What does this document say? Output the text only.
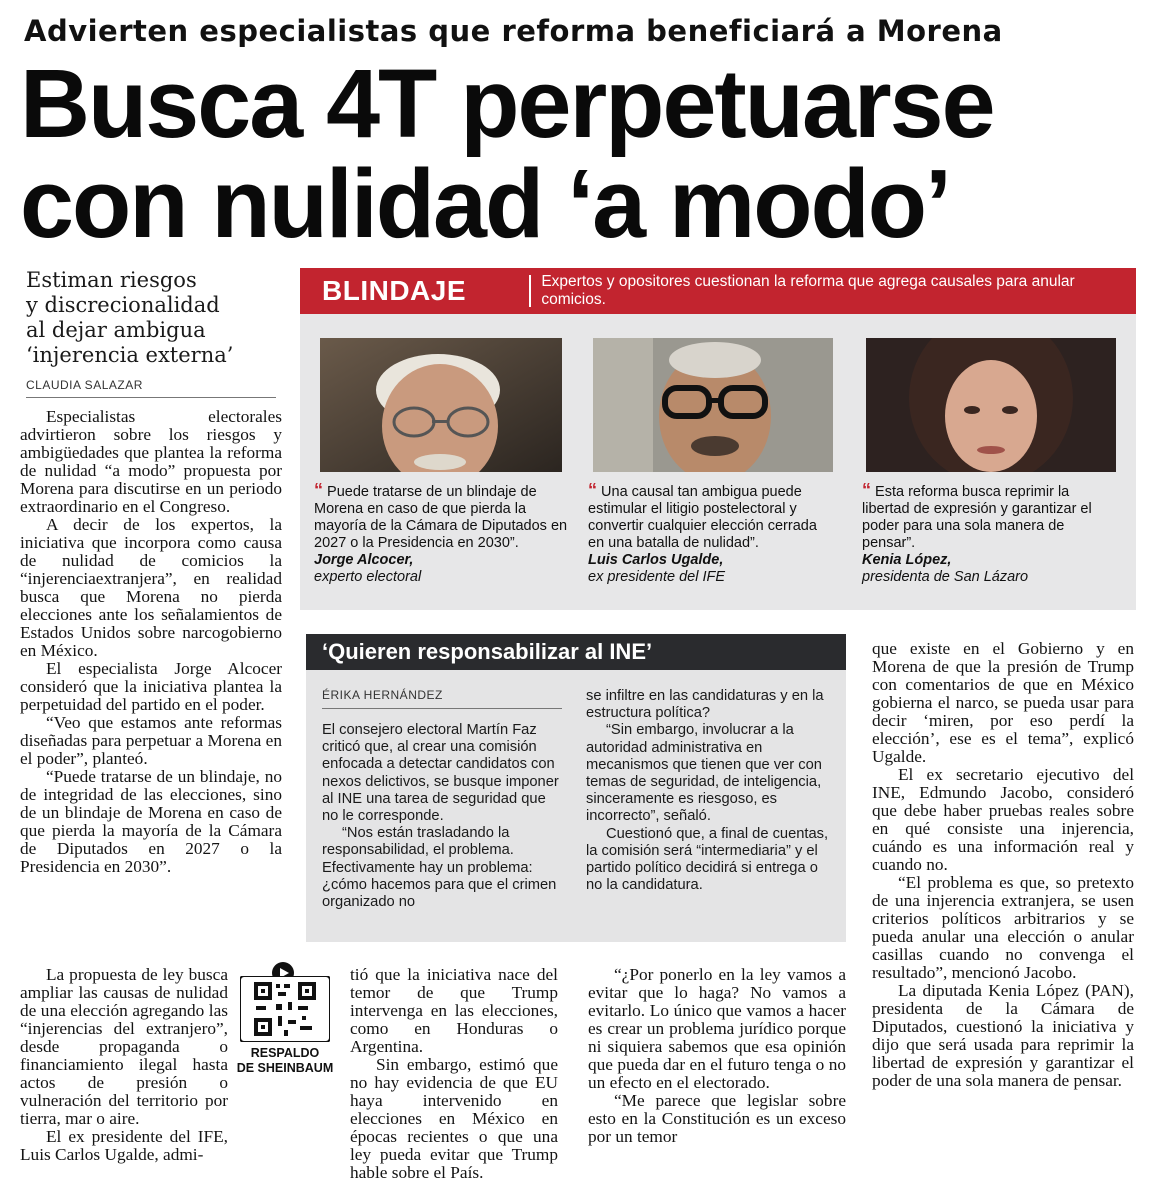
Advierten especialistas que reforma beneficiará a Morena
Busca 4T perpetuarse
con nulidad ‘a modo’
Estiman riesgos
y discrecionalidad
al dejar ambigua
‘injerencia externa’
CLAUDIA SALAZAR

Especialistas electorales advirtieron sobre los riesgos y ambigüedades que plantea la reforma de nulidad “a modo” propuesta por Morena para discutirse en un periodo extraordinario en el Congreso.

A decir de los expertos, la iniciativa que incorpora como causa de nulidad de comicios la “injerenciaextranjera”, en realidad busca que Morena no pierda elecciones ante los señalamientos de Estados Unidos sobre narcogobierno en México.

El especialista Jorge Alcocer consideró que la iniciativa plantea la perpetuidad del partido en el poder.

“Veo que estamos ante reformas diseñadas para perpetuar a Morena en el poder”, planteó.

“Puede tratarse de un blindaje, no de integridad de las elecciones, sino de un blindaje de Morena en caso de que pierda la mayoría de la Cámara de Diputados en 2027 o la Presidencia en 2030”.

La propuesta de ley busca ampliar las causas de nulidad de una elección agregando las “injerencias del extranjero”, desde propaganda o financiamiento ilegal hasta actos de presión o vulneración del territorio por tierra, mar o aire.

El ex presidente del IFE, Luis Carlos Ugalde, admi-

RESPALDO
DE SHEINBAUM
BLINDAJE	Expertos y opositores cuestionan la reforma que agrega causales para anular comicios.
“ Puede tratarse de un blindaje de Morena en caso de que pierda la mayoría de la Cámara de Diputados en 2027 o la Presidencia en 2030”.
Jorge Alcocer,
experto electoral
“ Una causal tan ambigua puede estimular el litigio postelectoral y convertir cualquier elección cerrada en una batalla de nulidad”.
Luis Carlos Ugalde,
ex presidente del IFE
“ Esta reforma busca reprimir la libertad de expresión y garantizar el poder para una sola manera de pensar”.
Kenia López,
presidenta de San Lázaro
‘Quieren responsabilizar al INE’
ÉRIKA HERNÁNDEZ

El consejero electoral Martín Faz criticó que, al crear una comisión enfocada a detectar candidatos con nexos delictivos, se busque imponer al INE una tarea de seguridad que no le corresponde.

“Nos están trasladando la responsabilidad, el problema. Efectivamente hay un problema: ¿cómo hacemos para que el crimen organizado no

se infiltre en las candidaturas y en la estructura política?

“Sin embargo, involucrar a la autoridad administrativa en mecanismos que tienen que ver con temas de seguridad, de inteligencia, sinceramente es riesgoso, es incorrecto”, señaló.

Cuestionó que, a final de cuentas, la comisión será “intermediaria” y el partido político decidirá si entrega o no la candidatura.

tió que la iniciativa nace del temor de que Trump intervenga en las elecciones, como en Honduras o Argentina.

Sin embargo, estimó que no hay evidencia de que EU haya intervenido en elecciones en México en épocas recientes o que una ley pueda evitar que Trump hable sobre el País.

“¿Por ponerlo en la ley vamos a evitar que lo haga? No vamos a evitarlo. Lo único que vamos a hacer es crear un problema jurídico porque ni siquiera sabemos que esa opinión que pueda dar en el futuro tenga o no un efecto en el electorado.

“Me parece que legislar sobre esto en la Constitución es un exceso por un temor

que existe en el Gobierno y en Morena de que la presión de Trump con comentarios de que en México gobierna el narco, se pueda usar para decir ‘miren, por eso perdí la elección’, ese es el tema”, explicó Ugalde.

El ex secretario ejecutivo del INE, Edmundo Jacobo, consideró que debe haber pruebas reales sobre en qué consiste una injerencia, cuándo es una información real y cuando no.

“El problema es que, so pretexto de una injerencia extranjera, se usen criterios políticos arbitrarios y se pueda anular una elección o anular casillas cuando no convenga el resultado”, mencionó Jacobo.

La diputada Kenia López (PAN), presidenta de la Cámara de Diputados, cuestionó la iniciativa y dijo que será usada para reprimir la libertad de expresión y garantizar el poder de una sola manera de pensar.
